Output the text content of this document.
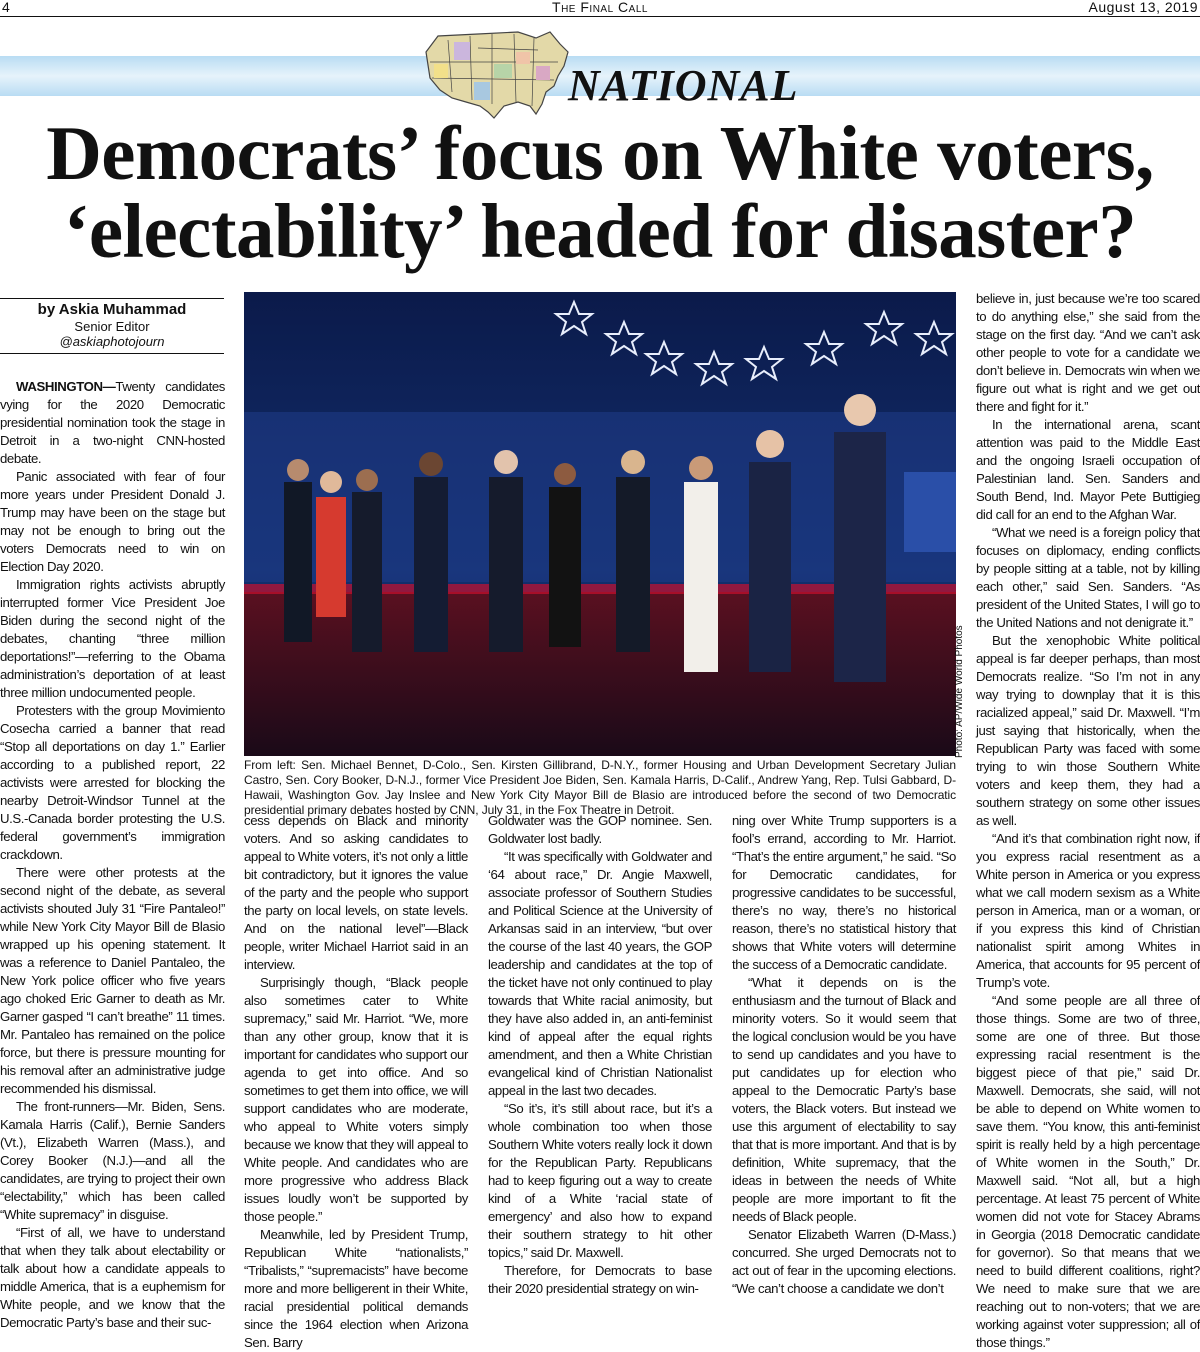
4	The Final Call	August 13, 2019
NATIONAL
Democrats’ focus on White voters,
‘electability’ headed for disaster?
by Askia Muhammad
Senior Editor
@askiaphotojourn

WASHINGTON—Twenty candidates vying for the 2020 Democratic presidential nomination took the stage in Detroit in a two-night CNN-hosted debate.

Panic associated with fear of four more years under President Donald J. Trump may have been on the stage but may not be enough to bring out the voters Democrats need to win on Election Day 2020.

Immigration rights activists abruptly interrupted former Vice President Joe Biden during the second night of the debates, chanting “three million deportations!”—referring to the Obama administration’s deportation of at least three million undocumented people.

Protesters with the group Movimiento Cosecha carried a banner that read “Stop all deportations on day 1.” Earlier according to a published report, 22 activists were arrested for blocking the nearby Detroit-Windsor Tunnel at the U.S.-Canada border protesting the U.S. federal government’s immigration crackdown.

There were other protests at the second night of the debate, as several activists shouted July 31 “Fire Pantaleo!” while New York City Mayor Bill de Blasio wrapped up his opening statement. It was a reference to Daniel Pantaleo, the New York police officer who five years ago choked Eric Garner to death as Mr. Garner gasped “I can’t breathe” 11 times. Mr. Pantaleo has remained on the police force, but there is pressure mounting for his removal after an administrative judge recommended his dismissal.

The front-runners—Mr. Biden, Sens. Kamala Harris (Calif.), Bernie Sanders (Vt.), Elizabeth Warren (Mass.), and Corey Booker (N.J.)—and all the candidates, are trying to project their own “electability,” which has been called “White supremacy” in disguise.

“First of all, we have to understand that when they talk about electability or talk about how a candidate appeals to middle America, that is a euphemism for White people, and we know that the Democratic Party’s base and their suc-

Photo: AP/Wide World Photos
From left: Sen. Michael Bennet, D-Colo., Sen. Kirsten Gillibrand, D-N.Y., former Housing and Urban Development Secretary Julian Castro, Sen. Cory Booker, D-N.J., former Vice President Joe Biden, Sen. Kamala Harris, D-Calif., Andrew Yang, Rep. Tulsi Gabbard, D-Hawaii, Washington Gov. Jay Inslee and New York City Mayor Bill de Blasio are introduced before the second of two Democratic presidential primary debates hosted by CNN, July 31, in the Fox Theatre in Detroit.

cess depends on Black and minority voters. And so asking candidates to appeal to White voters, it’s not only a little bit contradictory, but it ignores the value of the party and the people who support the party on local levels, on state levels. And on the national level”—Black people, writer Michael Harriot said in an interview.

Surprisingly though, “Black people also sometimes cater to White supremacy,” said Mr. Harriot. “We, more than any other group, know that it is important for candidates who support our agenda to get into office. And so sometimes to get them into office, we will support candidates who are moderate, who appeal to White voters simply because we know that they will appeal to White people. And candidates who are more progressive who address Black issues loudly won’t be supported by those people.”

Meanwhile, led by President Trump, Republican White “nationalists,” “Tribalists,” “supremacists” have become more and more belligerent in their White, racial presidential political demands since the 1964 election when Arizona Sen. Barry

Goldwater was the GOP nominee. Sen. Goldwater lost badly.

“It was specifically with Goldwater and ‘64 about race,” Dr. Angie Maxwell, associate professor of Southern Studies and Political Science at the University of Arkansas said in an interview, “but over the course of the last 40 years, the GOP leadership and candidates at the top of the ticket have not only continued to play towards that White racial animosity, but they have also added in, an anti-feminist kind of appeal after the equal rights amendment, and then a White Christian evangelical kind of Christian Nationalist appeal in the last two decades.

“So it’s, it’s still about race, but it’s a whole combination too when those Southern White voters really lock it down for the Republican Party. Republicans had to keep figuring out a way to create kind of a White ‘racial state of emergency’ and also how to expand their southern strategy to hit other topics,” said Dr. Maxwell.

Therefore, for Democrats to base their 2020 presidential strategy on win-

ning over White Trump supporters is a fool’s errand, according to Mr. Harriot. “That’s the entire argument,” he said. “So for Democratic candidates, for progressive candidates to be successful, there’s no way, there’s no historical reason, there’s no statistical history that shows that White voters will determine the success of a Democratic candidate.

“What it depends on is the enthusiasm and the turnout of Black and minority voters. So it would seem that the logical conclusion would be you have to send up candidates and you have to put candidates up for election who appeal to the Democratic Party’s base voters, the Black voters. But instead we use this argument of electability to say that that is more important. And that is by definition, White supremacy, that the ideas in between the needs of White people are more important to fit the needs of Black people.

Senator Elizabeth Warren (D-Mass.) concurred. She urged Democrats not to act out of fear in the upcoming elections. “We can’t choose a candidate we don’t

believe in, just because we’re too scared to do anything else,” she said from the stage on the first day. “And we can’t ask other people to vote for a candidate we don’t believe in. Democrats win when we figure out what is right and we get out there and fight for it.”

In the international arena, scant attention was paid to the Middle East and the ongoing Israeli occupation of Palestinian land. Sen. Sanders and South Bend, Ind. Mayor Pete Buttigieg did call for an end to the Afghan War.

“What we need is a foreign policy that focuses on diplomacy, ending conflicts by people sitting at a table, not by killing each other,” said Sen. Sanders. “As president of the United States, I will go to the United Nations and not denigrate it.”

But the xenophobic White political appeal is far deeper perhaps, than most Democrats realize. “So I’m not in any way trying to downplay that it is this racialized appeal,” said Dr. Maxwell. “I’m just saying that historically, when the Republican Party was faced with some trying to win those Southern White voters and keep them, they had a southern strategy on some other issues as well.

“And it’s that combination right now, if you express racial resentment as a White person in America or you express what we call modern sexism as a White person in America, man or a woman, or if you express this kind of Christian nationalist spirit among Whites in America, that accounts for 95 percent of Trump’s vote.

“And some people are all three of those things. Some are two of three, some are one of three. But those expressing racial resentment is the biggest piece of that pie,” said Dr. Maxwell. Democrats, she said, will not be able to depend on White women to save them. “You know, this anti-feminist spirit is really held by a high percentage of White women in the South,” Dr. Maxwell said. “Not all, but a high percentage. At least 75 percent of White women did not vote for Stacey Abrams in Georgia (2018 Democratic candidate for governor). So that means that we need to build different coalitions, right? We need to make sure that we are reaching out to non-voters; that we are working against voter suppression; all of those things.”
